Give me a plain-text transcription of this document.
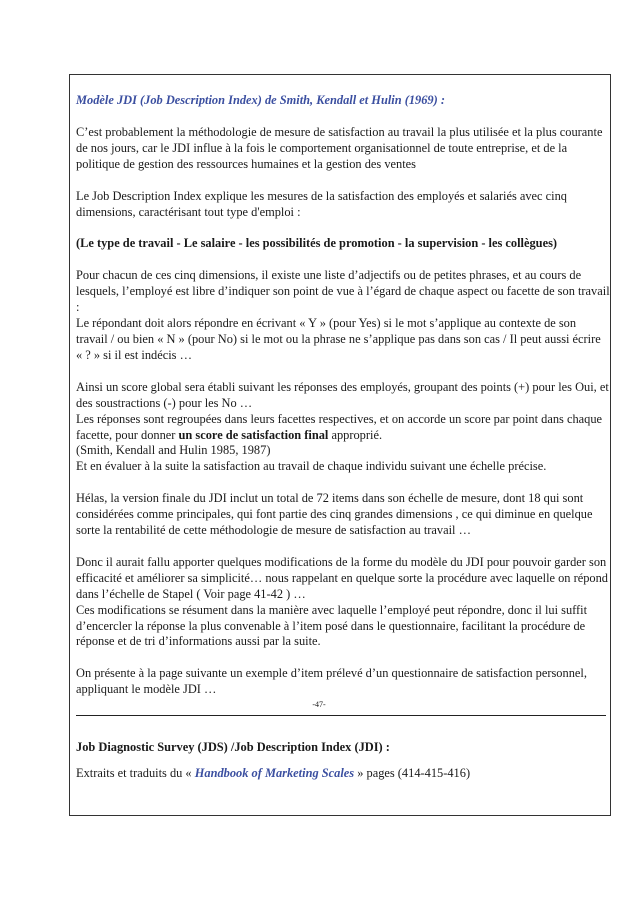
Modèle JDI (Job Description Index) de Smith, Kendall et Hulin (1969) :

C’est probablement la méthodologie de mesure de satisfaction au travail la plus utilisée et la plus courante de nos jours, car le JDI influe à la fois le comportement organisationnel de toute entreprise, et de la politique de gestion des ressources humaines et la gestion des ventes

Le Job Description Index explique les mesures de la satisfaction des employés et salariés avec cinq dimensions, caractérisant tout type d'emploi :

(Le type de travail - Le salaire - les possibilités de promotion - la supervision - les collègues)

Pour chacun de ces cinq dimensions, il existe une liste d’adjectifs ou de petites phrases, et au cours de lesquels, l’employé est libre d’indiquer son point de vue à l’égard de chaque aspect ou facette de son travail :
Le répondant doit alors répondre en écrivant « Y » (pour Yes) si le mot s’applique au contexte de son travail / ou bien « N » (pour No) si le mot ou la phrase ne s’applique pas dans son cas / Il peut aussi écrire « ? » si il est indécis …

Ainsi un score global sera établi suivant les réponses des employés, groupant des points (+) pour les Oui, et des soustractions (-) pour les No …
Les réponses sont regroupées dans leurs facettes respectives, et on accorde un score par point dans chaque facette, pour donner un score de satisfaction final approprié.
(Smith, Kendall and Hulin 1985, 1987)
Et en évaluer à la suite la satisfaction au travail de chaque individu suivant une échelle précise.

Hélas, la version finale du JDI inclut un total de 72 items dans son échelle de mesure, dont 18 qui sont considérées comme principales, qui font partie des cinq grandes dimensions , ce qui diminue en quelque sorte la rentabilité de cette méthodologie de mesure de satisfaction au travail …

Donc il aurait fallu apporter quelques modifications de la forme du modèle du JDI pour pouvoir garder son efficacité et améliorer sa simplicité… nous rappelant en quelque sorte la procédure avec laquelle on répond dans l’échelle de Stapel ( Voir page 41-42 ) …
Ces modifications se résument dans la manière avec laquelle l’employé peut répondre, donc il lui suffit d’encercler la réponse la plus convenable à l’item posé dans le questionnaire, facilitant la procédure de réponse et de tri d’informations aussi par la suite.

On présente à la page suivante un exemple d’item prélevé d’un questionnaire de satisfaction personnel, appliquant le modèle JDI …

-47-

Job Diagnostic Survey (JDS) /Job Description Index (JDI) :

Extraits et traduits du « Handbook of Marketing Scales » pages (414-415-416)
